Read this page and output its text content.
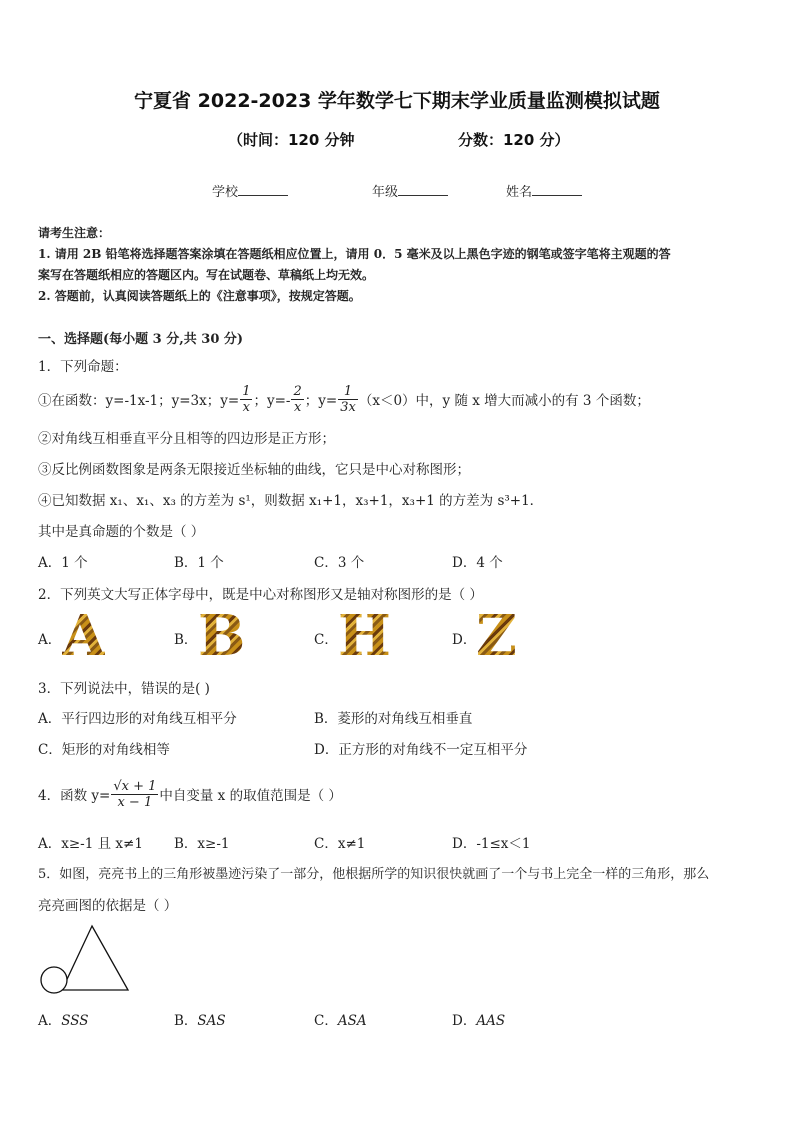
宁夏省 2022-2023 学年数学七下期末学业质量监测模拟试题
（时间：120 分钟	分数：120 分）
学校	年级	姓名
请考生注意：
1. 请用 2B 铅笔将选择题答案涂填在答题纸相应位置上，请用 0．5 毫米及以上黑色字迹的钢笔或签字笔将主观题的答
案写在答题纸相应的答题区内。写在试题卷、草稿纸上均无效。
2. 答题前，认真阅读答题纸上的《注意事项》，按规定答题。
一、选择题(每小题 3 分,共 30 分)
1．下列命题：
①在函数：y=-1x-1；y=3x；$y= \frac{1}{x}$ ；$y=- \frac{2}{x}$ ；$y= \frac{1}{3x} (x<0)$中，y 随 x 增大而减小的有 3 个函数；
②对角线互相垂直平分且相等的四边形是正方形；
③反比例函数图象是两条无限接近坐标轴的曲线，它只是中心对称图形；
④已知数据 x₁、x₁、x₃ 的方差为 s¹，则数据 x₁+1，x₃+1，x₃+1 的方差为 s³+1．
其中是真命题的个数是（ ）
A．1 个	B．1 个	C．3 个	D．4 个
2．下列英文大写正体字母中，既是中心对称图形又是轴对称图形的是（ ）
A． A	B． B	C． H	D． Z
3．下列说法中，错误的是( )
A．平行四边形的对角线互相平分	B．菱形的对角线互相垂直
C．矩形的对角线相等	D．正方形的对角线不一定互相平分
4．函数 $y= \frac{√x + 1}{x - 1}$ 中自变量 x 的取值范围是（ ）
A．x≥-1 且 x≠1 B．x≥-1	C．x≠1	D．-1≤x＜1
5．如图，亮亮书上的三角形被墨迹污染了一部分，他根据所学的知识很快就画了一个与书上完全一样的三角形，那么
亮亮画图的依据是（ ）
A．SSS	B．SAS	C．ASA	D．AAS
